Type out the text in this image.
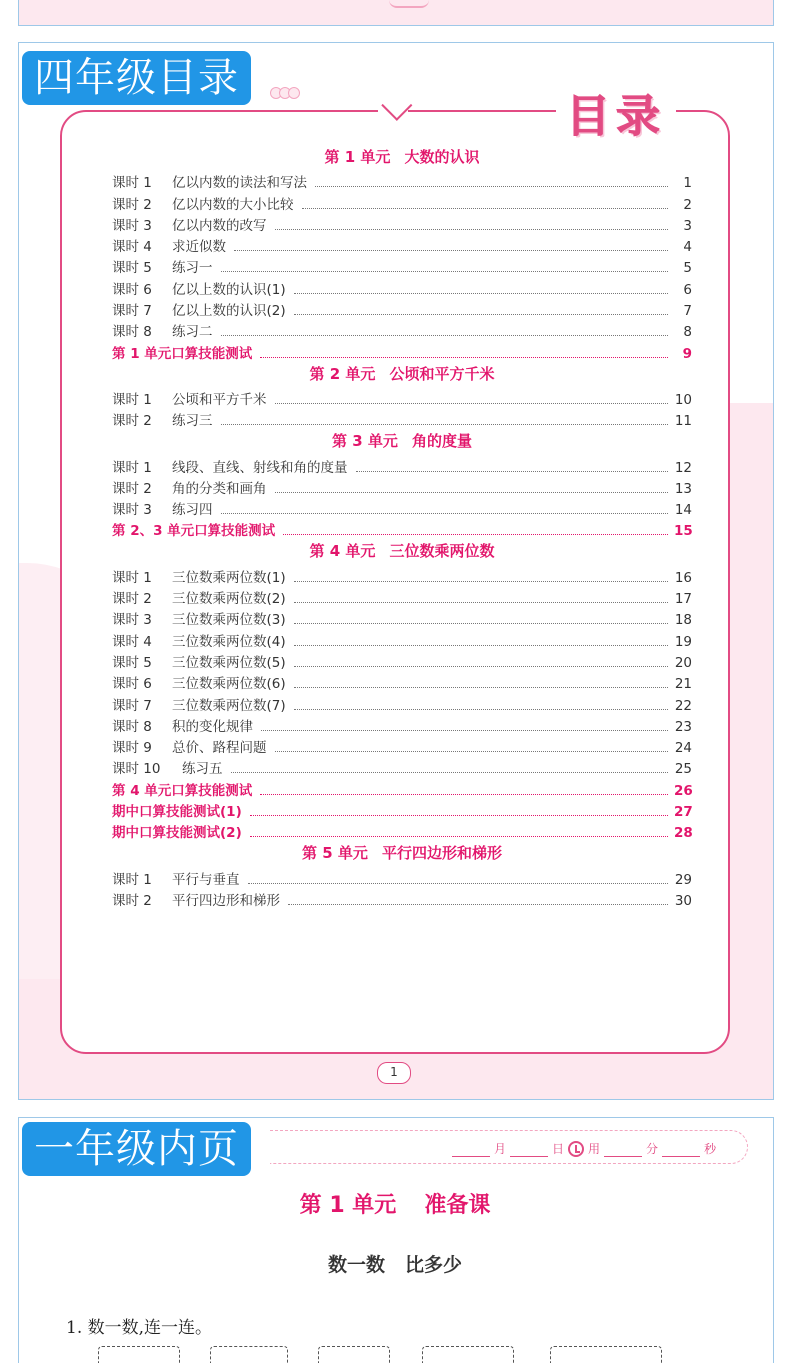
四年级目录
目录
第 1 单元 大数的认识
课时 1	亿以内数的读法和写法	1
课时 2	亿以内数的大小比较	2
课时 3	亿以内数的改写	3
课时 4	求近似数	4
课时 5	练习一	5
课时 6	亿以上数的认识(1)	6
课时 7	亿以上数的认识(2)	7
课时 8	练习二	8
第 1 单元口算技能测试	9
第 2 单元 公顷和平方千米
课时 1	公顷和平方千米	10
课时 2	练习三	11
第 3 单元 角的度量
课时 1	线段、直线、射线和角的度量	12
课时 2	角的分类和画角	13
课时 3	练习四	14
第 2、3 单元口算技能测试	15
第 4 单元 三位数乘两位数
课时 1	三位数乘两位数(1)	16
课时 2	三位数乘两位数(2)	17
课时 3	三位数乘两位数(3)	18
课时 4	三位数乘两位数(4)	19
课时 5	三位数乘两位数(5)	20
课时 6	三位数乘两位数(6)	21
课时 7	三位数乘两位数(7)	22
课时 8	积的变化规律	23
课时 9	总价、路程问题	24
课时 10	练习五	25
第 4 单元口算技能测试	26
期中口算技能测试(1)	27
期中口算技能测试(2)	28
第 5 单元 平行四边形和梯形
课时 1	平行与垂直	29
课时 2	平行四边形和梯形	30
1
一年级内页	月	日 用	分	秒
第 1 单元 准备课
数一数 比多少
1. 数一数,连一连。
